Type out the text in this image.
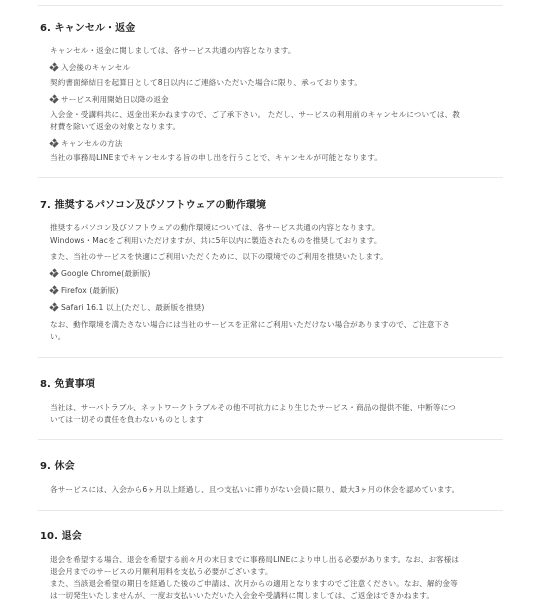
6. キャンセル・返金
キャンセル・返金に関しましては、各サービス共通の内容となります。
入会後のキャンセル
契約書面締結日を起算日として8日以内にご連絡いただいた場合に限り、承っております。
サービス利用開始日以降の返金
入会金・受講料共に、返金出来かねますので、ご了承下さい。 ただし、サービスの利用前のキャンセルについては、教
材費を除いて返金の対象となります。
キャンセルの方法
当社の事務局LINEまでキャンセルする旨の申し出を行うことで、キャンセルが可能となります。
7. 推奨するパソコン及びソフトウェアの動作環境
推奨するパソコン及びソフトウェアの動作環境については、各サービス共通の内容となります。
Windows・Macをご利用いただけますが、共に5年以内に製造されたものを推奨しております。
また、当社のサービスを快適にご利用いただくために、以下の環境でのご利用を推奨いたします。
Google Chrome(最新版)
Firefox (最新版)
Safari 16.1 以上(ただし、最新版を推奨)
なお、動作環境を満たさない場合には当社のサービスを正常にご利用いただけない場合がありますので、ご注意下さ
い。
8. 免責事項
当社は、サーバトラブル、ネットワークトラブルその他不可抗力により生じたサービス・商品の提供不能、中断等につ
いては一切その責任を負わないものとします
9. 休会
各サービスには、入会から6ヶ月以上経過し、且つ支払いに滞りがない会員に限り、最大3ヶ月の休会を認めています。
10. 退会
退会を希望する場合、退会を希望する前々月の末日までに事務局LINEにより申し出る必要があります。なお、お客様は
退会月までのサービスの月額利用料を支払う必要がございます。
また、当該退会希望の期日を経過した後のご申請は、次月からの適用となりますのでご注意ください。なお、解約金等
は一切発生いたしませんが、一度お支払いいただいた入会金や受講料に関しましては、ご返金はできかねます。
